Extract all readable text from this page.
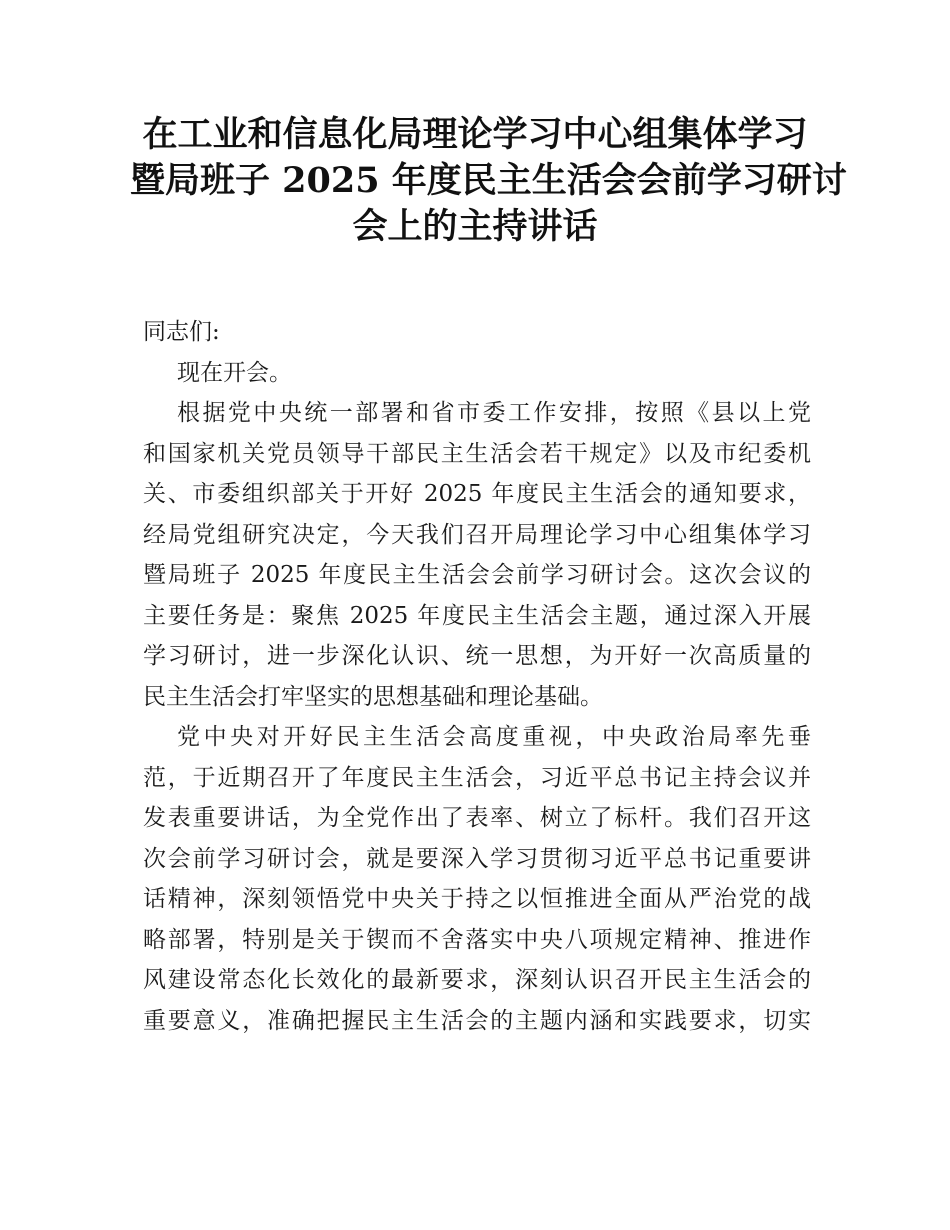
在工业和信息化局理论学习中心组集体学习
暨局班子 2025 年度民主生活会会前学习研讨
会上的主持讲话
同志们:
现在开会。
根据党中央统一部署和省市委工作安排，按照《县以上党
和国家机关党员领导干部民主生活会若干规定》以及市纪委机
关、市委组织部关于开好 2025 年度民主生活会的通知要求，
经局党组研究决定，今天我们召开局理论学习中心组集体学习
暨局班子 2025 年度民主生活会会前学习研讨会。这次会议的
主要任务是：聚焦 2025 年度民主生活会主题，通过深入开展
学习研讨，进一步深化认识、统一思想，为开好一次高质量的
民主生活会打牢坚实的思想基础和理论基础。
党中央对开好民主生活会高度重视，中央政治局率先垂
范，于近期召开了年度民主生活会，习近平总书记主持会议并
发表重要讲话，为全党作出了表率、树立了标杆。我们召开这
次会前学习研讨会，就是要深入学习贯彻习近平总书记重要讲
话精神，深刻领悟党中央关于持之以恒推进全面从严治党的战
略部署，特别是关于锲而不舍落实中央八项规定精神、推进作
风建设常态化长效化的最新要求，深刻认识召开民主生活会的
重要意义，准确把握民主生活会的主题内涵和实践要求，切实
